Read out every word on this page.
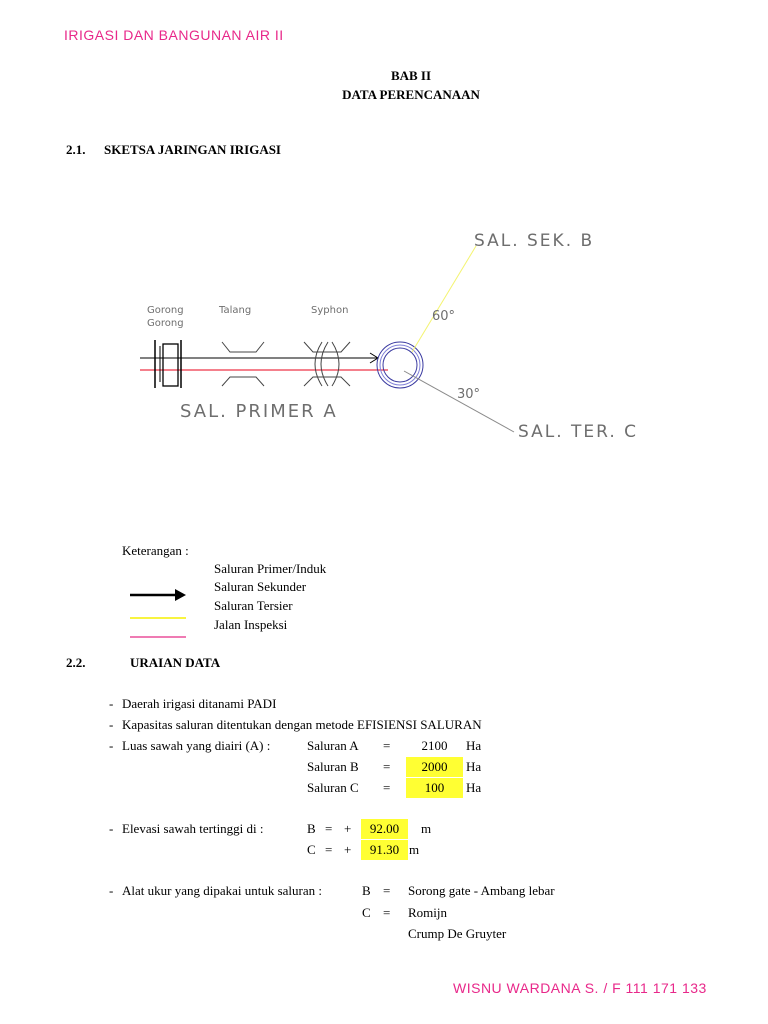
IRIGASI DAN BANGUNAN AIR II
BAB II
DATA PERENCANAAN
2.1. SKETSA JARINGAN IRIGASI
Gorong
Gorong
Talang	Syphon
SAL. PRIMER A
SAL. SEK. B
SAL. TER. C
60°
30°
Keterangan :
Saluran Primer/Induk
Saluran Sekunder
Saluran Tersier
Jalan Inspeksi
2.2.	URAIAN DATA
- Daerah irigasi ditanami PADI
- Kapasitas saluran ditentukan dengan metode EFISIENSI SALURAN
- Luas sawah yang diairi (A) :	Saluran A =	2100	Ha
Saluran B =	2000	Ha
Saluran C =	100	Ha
- Elevasi sawah tertinggi di :	B = +	92.00	m
C = +	91.30 m
- Alat ukur yang dipakai untuk saluran :	B = Sorong gate - Ambang lebar
C = Romijn
Crump De Gruyter
WISNU WARDANA S. / F 111 171 133
